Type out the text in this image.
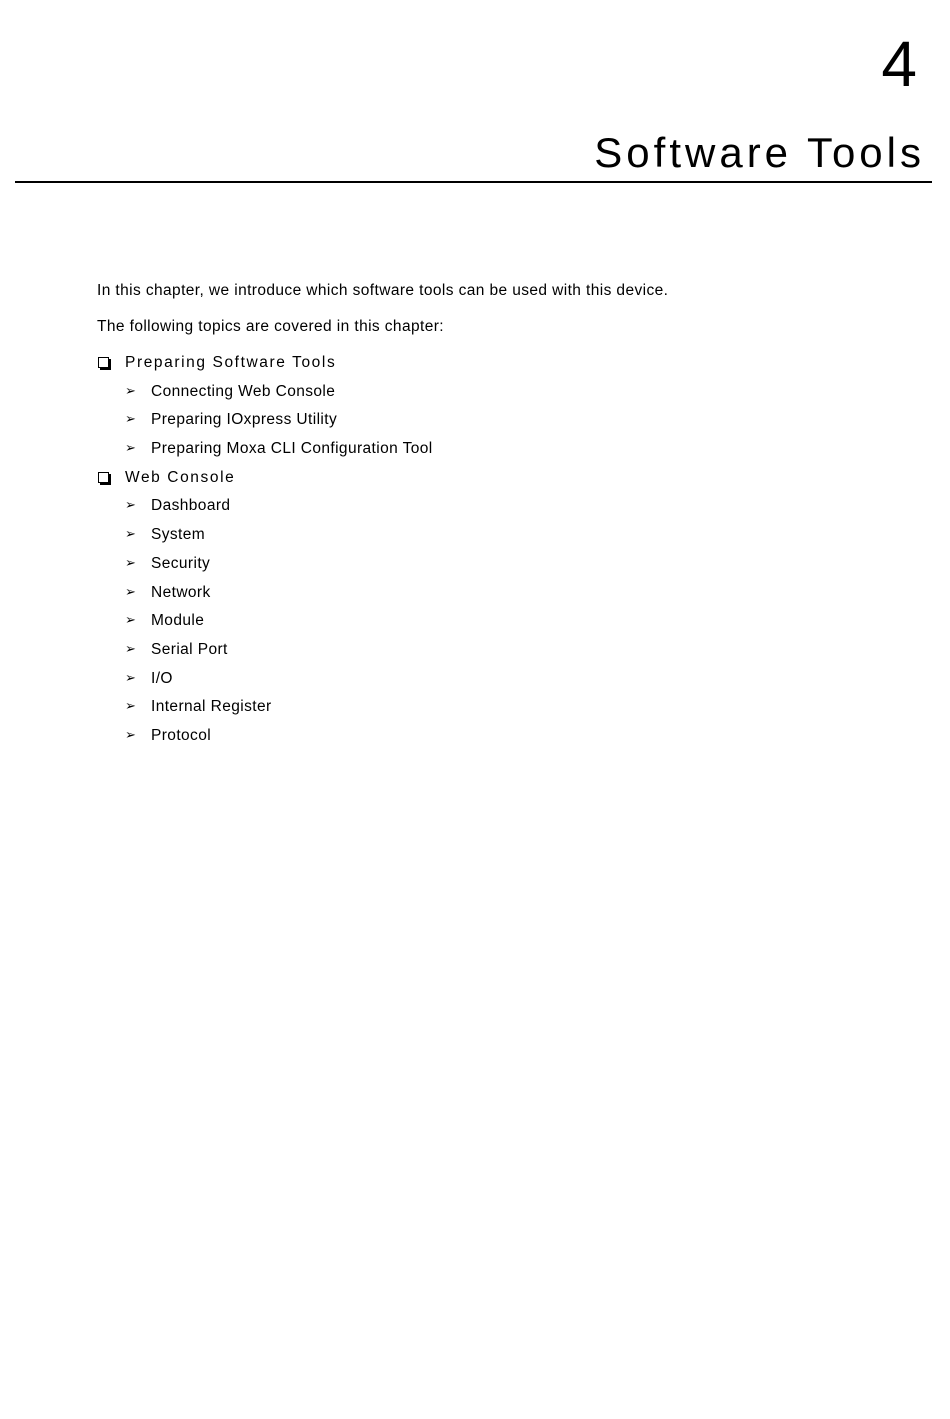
4
Software Tools

In this chapter, we introduce which software tools can be used with this device.

The following topics are covered in this chapter:

Preparing Software Tools
➢ Connecting Web Console
➢ Preparing IOxpress Utility
➢ Preparing Moxa CLI Configuration Tool
Web Console
➢ Dashboard
➢ System
➢ Security
➢ Network
➢ Module
➢ Serial Port
➢ I/O
➢ Internal Register
➢ Protocol
